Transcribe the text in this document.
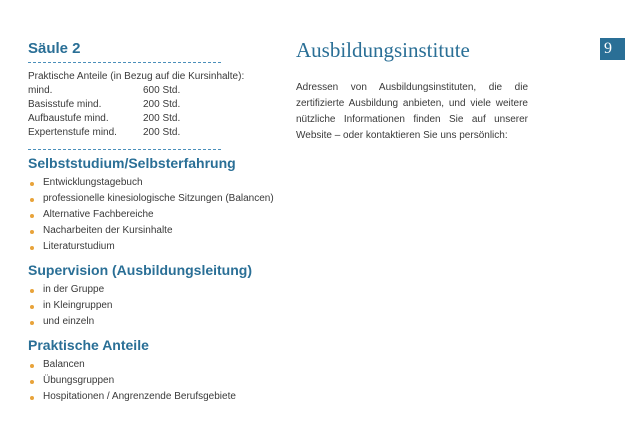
Säule 2
Praktische Anteile (in Bezug auf die Kursinhalte):
mind.	600 Std.
Basisstufe mind.	200 Std.
Aufbaustufe mind.	200 Std.
Expertenstufe mind.	200 Std.
Selbststudium/Selbsterfahrung
Entwicklungstagebuch
professionelle kinesiologische Sitzungen (Balancen)
Alternative Fachbereiche
Nacharbeiten der Kursinhalte
Literaturstudium
Supervision (Ausbildungsleitung)
in der Gruppe
in Kleingruppen
und einzeln
Praktische Anteile
Balancen
Übungsgruppen
Hospitationen / Angrenzende Berufsgebiete
Ausbildungsinstitute

Adressen von Ausbildungsinstituten, die die zertifizierte Ausbildung anbieten, und viele weitere nützliche Informationen finden Sie auf unserer Website – oder kontaktieren Sie uns persönlich:

9
